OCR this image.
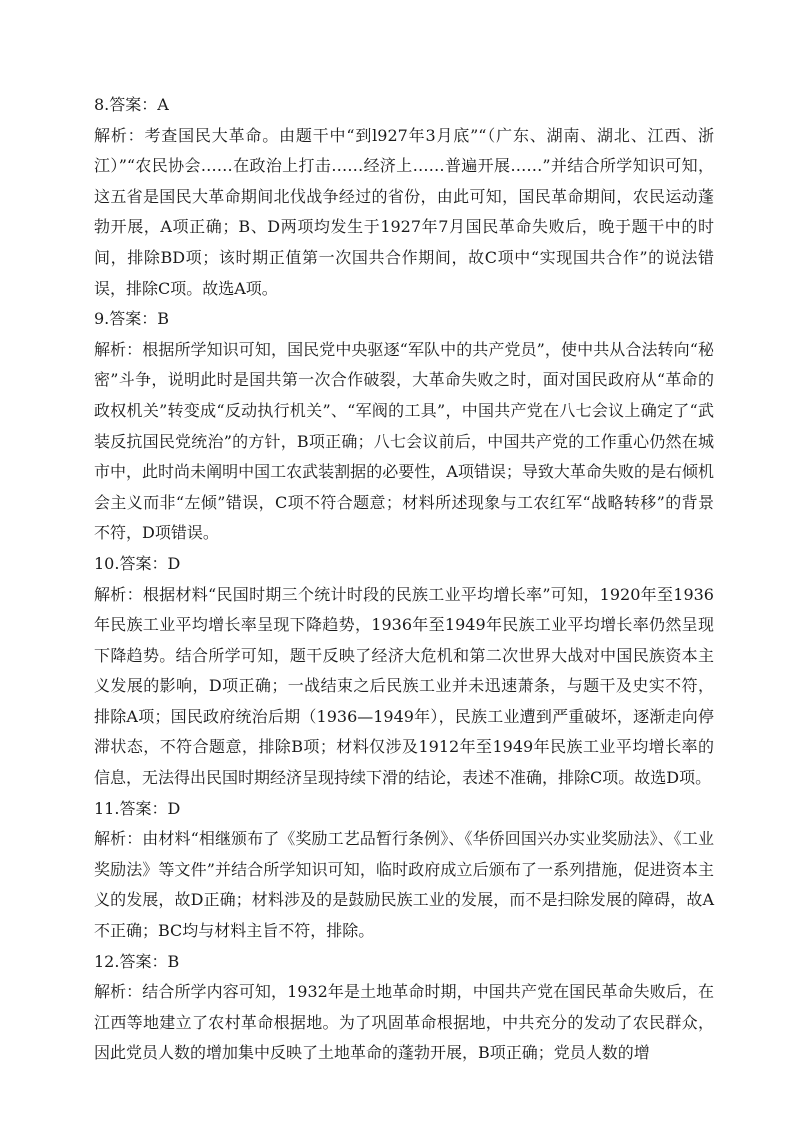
8.答案：A
解析：考查国民大革命。由题干中“到l927年3月底”“（广东、湖南、湖北、江西、浙江）”“农民协会……在政治上打击……经济上……普遍开展……”并结合所学知识可知，这五省是国民大革命期间北伐战争经过的省份，由此可知，国民革命期间，农民运动蓬勃开展，A项正确；B、D两项均发生于1927年7月国民革命失败后，晚于题干中的时间，排除BD项；该时期正值第一次国共合作期间，故C项中“实现国共合作”的说法错误，排除C项。故选A项。
9.答案：B
解析：根据所学知识可知，国民党中央驱逐“军队中的共产党员”，使中共从合法转向“秘密”斗争，说明此时是国共第一次合作破裂，大革命失败之时，面对国民政府从“革命的政权机关”转变成“反动执行机关”、“军阀的工具”，中国共产党在八七会议上确定了“武装反抗国民党统治”的方针，B项正确；八七会议前后，中国共产党的工作重心仍然在城市中，此时尚未阐明中国工农武装割据的必要性，A项错误；导致大革命失败的是右倾机会主义而非“左倾”错误，C项不符合题意；材料所述现象与工农红军“战略转移”的背景不符，D项错误。
10.答案：D
解析：根据材料“民国时期三个统计时段的民族工业平均增长率”可知，1920年至1936年民族工业平均增长率呈现下降趋势，1936年至1949年民族工业平均增长率仍然呈现下降趋势。结合所学可知，题干反映了经济大危机和第二次世界大战对中国民族资本主义发展的影响，D项正确；一战结束之后民族工业并未迅速萧条，与题干及史实不符，排除A项；国民政府统治后期（1936—1949年），民族工业遭到严重破坏，逐渐走向停滞状态，不符合题意，排除B项；材料仅涉及1912年至1949年民族工业平均增长率的信息，无法得出民国时期经济呈现持续下滑的结论，表述不准确，排除C项。故选D项。
11.答案：D
解析：由材料“相继颁布了《奖励工艺品暂行条例》、《华侨回国兴办实业奖励法》、《工业奖励法》等文件”并结合所学知识可知，临时政府成立后颁布了一系列措施，促进资本主义的发展，故D正确；材料涉及的是鼓励民族工业的发展，而不是扫除发展的障碍，故A不正确；BC均与材料主旨不符，排除。
12.答案：B
解析：结合所学内容可知，1932年是土地革命时期，中国共产党在国民革命失败后，在江西等地建立了农村革命根据地。为了巩固革命根据地，中共充分的发动了农民群众，因此党员人数的增加集中反映了土地革命的蓬勃开展，B项正确；党员人数的增
